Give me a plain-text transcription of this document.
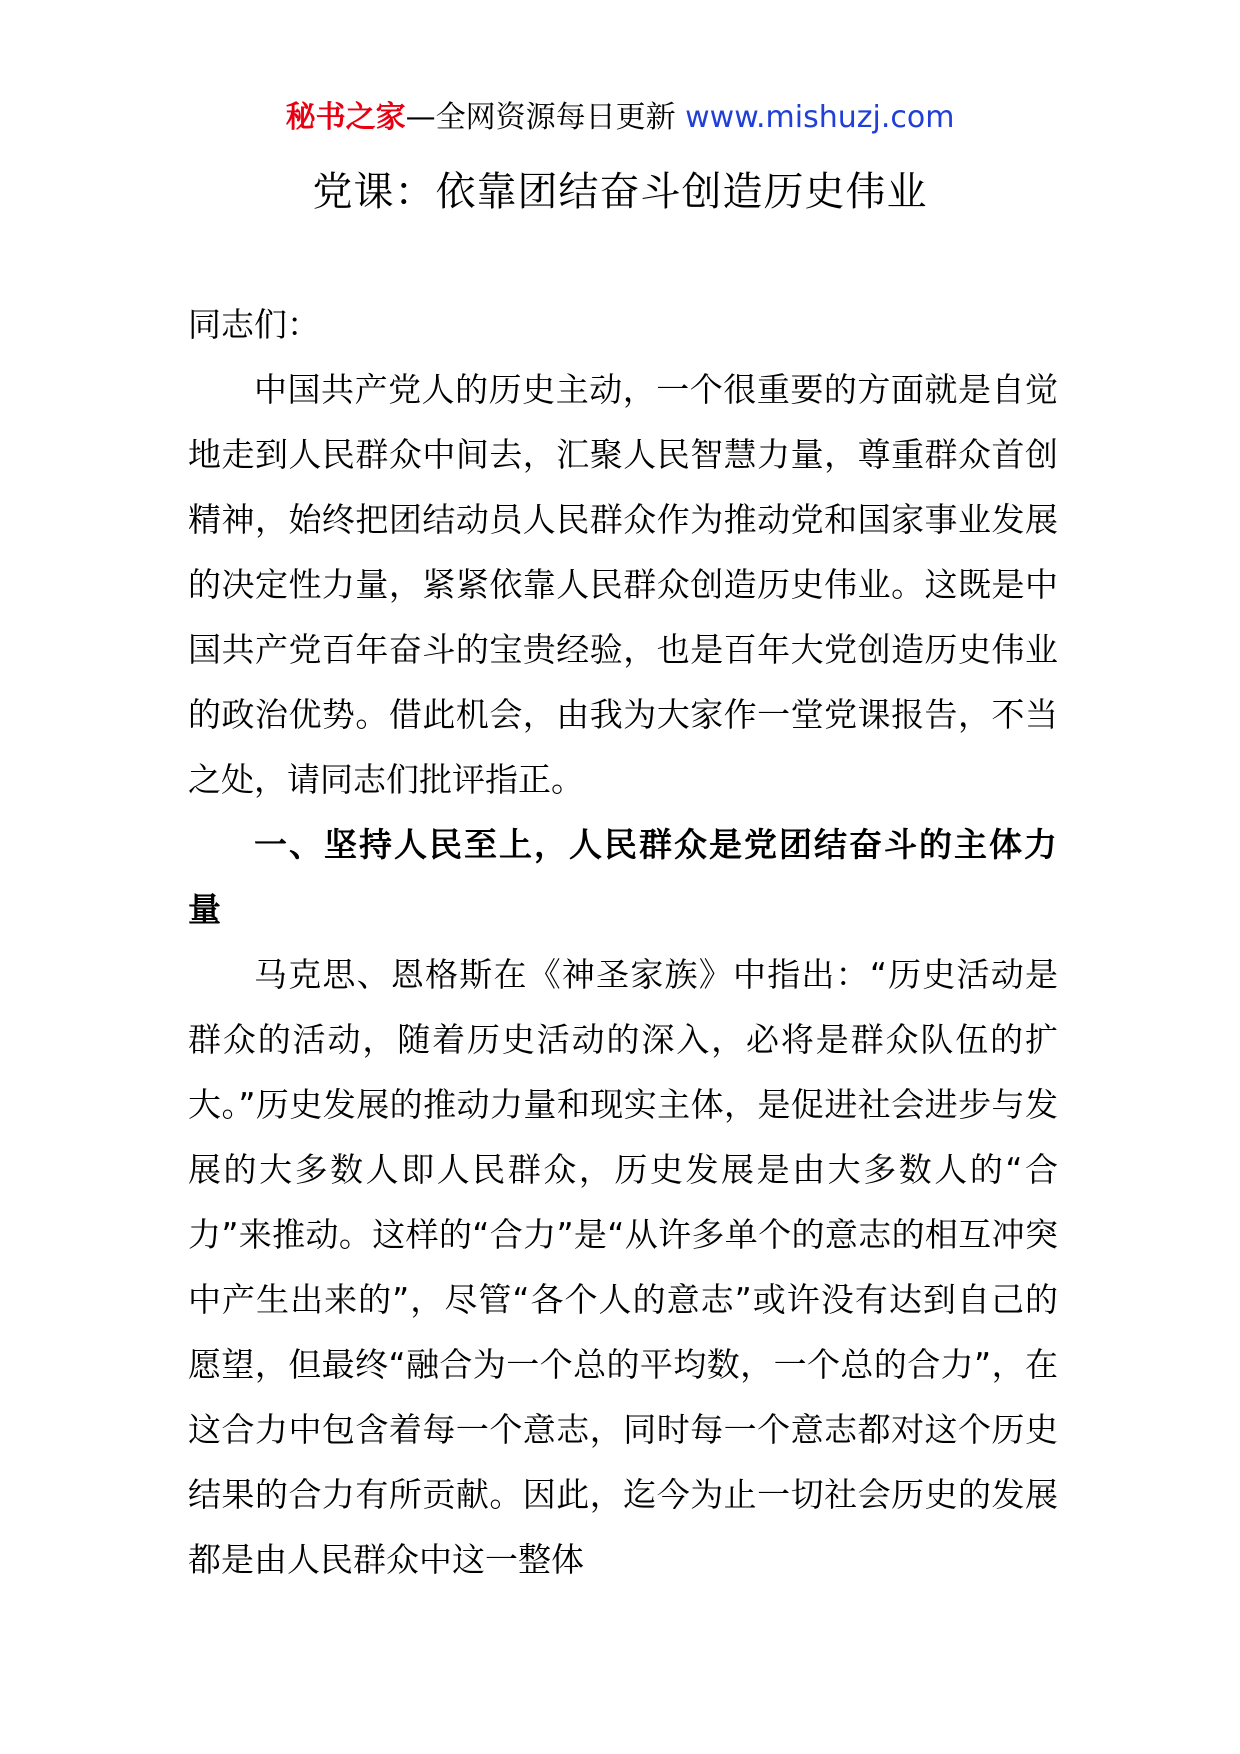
秘书之家—全网资源每日更新 www.mishuzj.com
党课：依靠团结奋斗创造历史伟业

同志们：

中国共产党人的历史主动，一个很重要的方面就是自觉地走到人民群众中间去，汇聚人民智慧力量，尊重群众首创精神，始终把团结动员人民群众作为推动党和国家事业发展的决定性力量，紧紧依靠人民群众创造历史伟业。这既是中国共产党百年奋斗的宝贵经验，也是百年大党创造历史伟业的政治优势。借此机会，由我为大家作一堂党课报告，不当之处，请同志们批评指正。

一、坚持人民至上，人民群众是党团结奋斗的主体力量

马克思、恩格斯在《神圣家族》中指出：“历史活动是群众的活动，随着历史活动的深入，必将是群众队伍的扩大。”历史发展的推动力量和现实主体，是促进社会进步与发展的大多数人即人民群众，历史发展是由大多数人的“合力”来推动。这样的“合力”是“从许多单个的意志的相互冲突中产生出来的”，尽管“各个人的意志”或许没有达到自己的愿望，但最终“融合为一个总的平均数，一个总的合力”，在这合力中包含着每一个意志，同时每一个意志都对这个历史结果的合力有所贡献。因此，迄今为止一切社会历史的发展都是由人民群众中这一整体
